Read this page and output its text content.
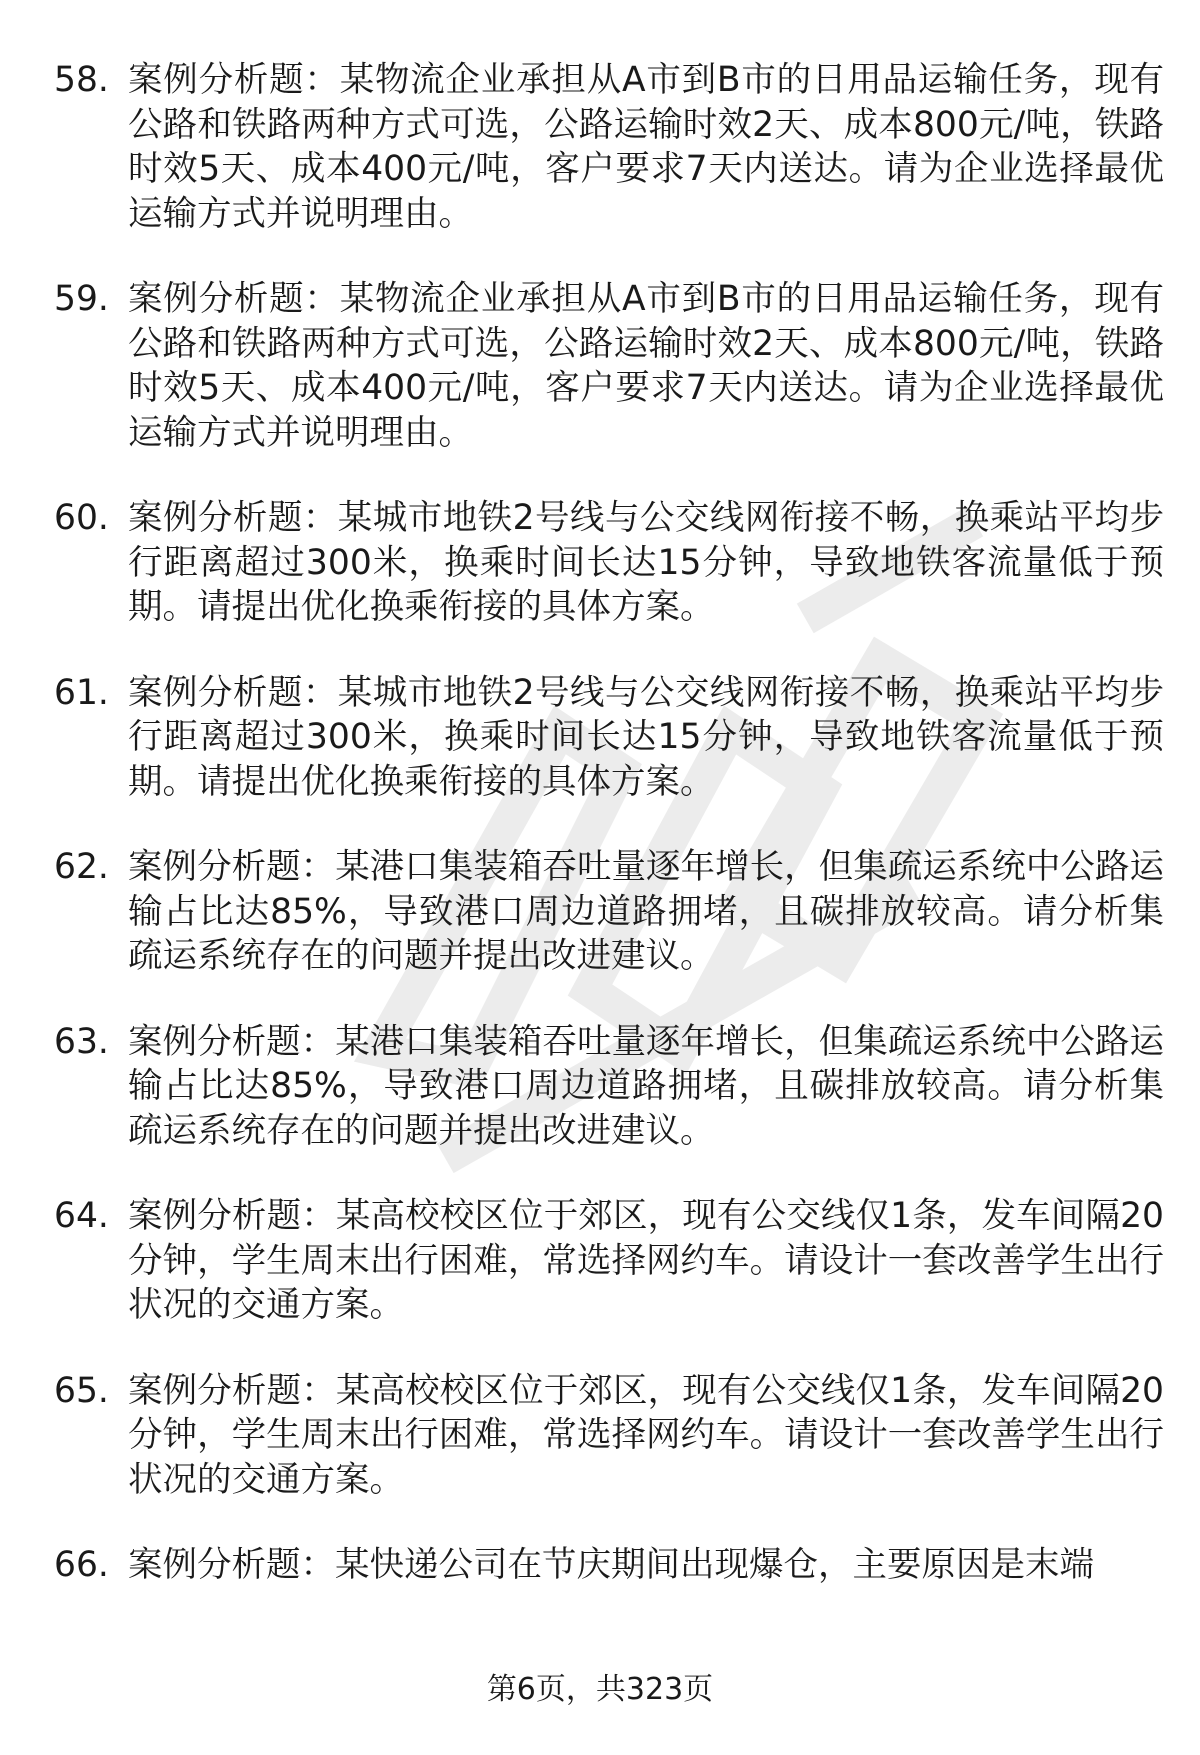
58. 案例分析题：某物流企业承担从A市到B市的日用品运输任务，现有公路和铁路两种方式可选，公路运输时效2天、成本800元/吨，铁路时效5天、成本400元/吨，客户要求7天内送达。请为企业选择最优运输方式并说明理由。
59. 案例分析题：某物流企业承担从A市到B市的日用品运输任务，现有公路和铁路两种方式可选，公路运输时效2天、成本800元/吨，铁路时效5天、成本400元/吨，客户要求7天内送达。请为企业选择最优运输方式并说明理由。
60. 案例分析题：某城市地铁2号线与公交线网衔接不畅，换乘站平均步行距离超过300米，换乘时间长达15分钟，导致地铁客流量低于预期。请提出优化换乘衔接的具体方案。
61. 案例分析题：某城市地铁2号线与公交线网衔接不畅，换乘站平均步行距离超过300米，换乘时间长达15分钟，导致地铁客流量低于预期。请提出优化换乘衔接的具体方案。
62. 案例分析题：某港口集装箱吞吐量逐年增长，但集疏运系统中公路运输占比达85%，导致港口周边道路拥堵，且碳排放较高。请分析集疏运系统存在的问题并提出改进建议。
63. 案例分析题：某港口集装箱吞吐量逐年增长，但集疏运系统中公路运输占比达85%，导致港口周边道路拥堵，且碳排放较高。请分析集疏运系统存在的问题并提出改进建议。
64. 案例分析题：某高校校区位于郊区，现有公交线仅1条，发车间隔20分钟，学生周末出行困难，常选择网约车。请设计一套改善学生出行状况的交通方案。
65. 案例分析题：某高校校区位于郊区，现有公交线仅1条，发车间隔20分钟，学生周末出行困难，常选择网约车。请设计一套改善学生出行状况的交通方案。
66. 案例分析题：某快递公司在节庆期间出现爆仓，主要原因是末端
第6页，共323页
